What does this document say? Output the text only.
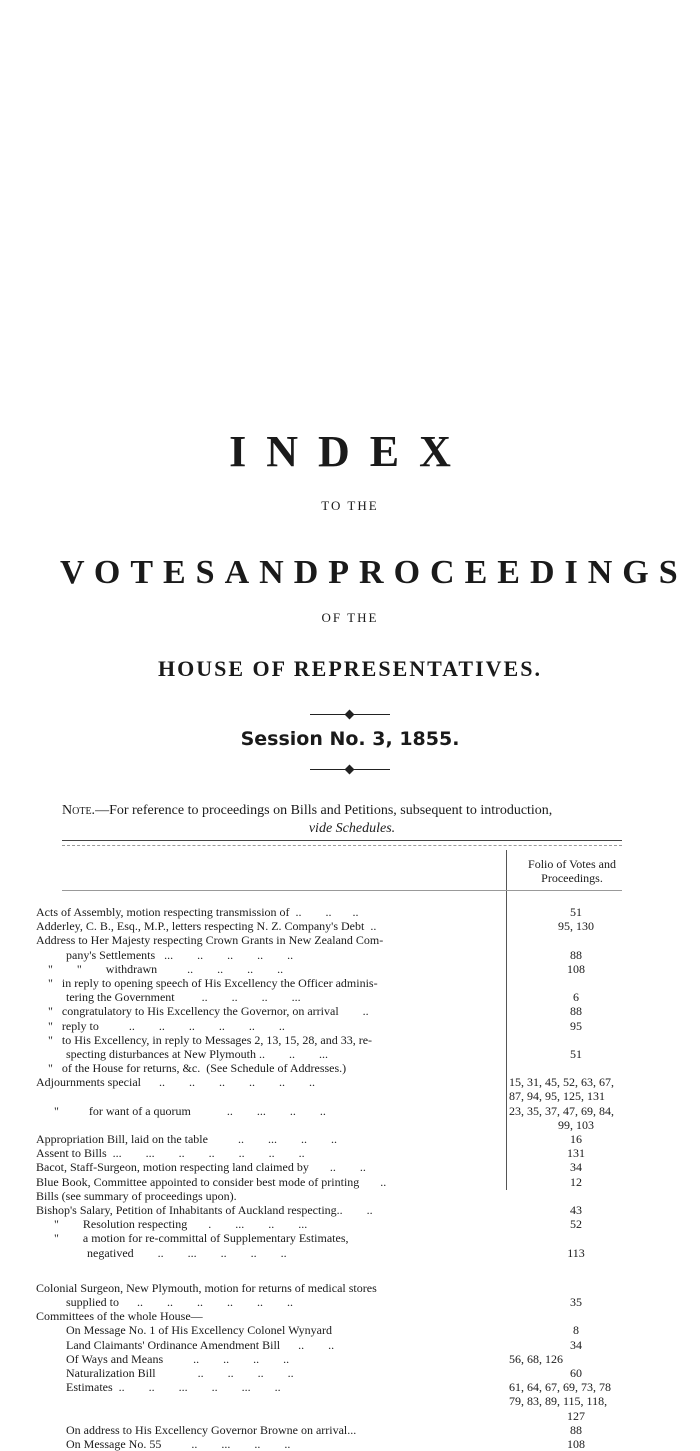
INDEX
TO THE
VOTES AND PROCEEDINGS
OF THE
HOUSE OF REPRESENTATIVES.
Session No. 3, 1855.
Note.—For reference to proceedings on Bills and Petitions, subsequent to introduction,
vide Schedules.
Folio of Votes and
Proceedings.
Acts of Assembly, motion respecting transmission of  ..        ..       ..	51
Adderley, C. B., Esq., M.P., letters respecting N. Z. Company's Debt  ..	95, 130
Address to Her Majesty respecting Crown Grants in New Zealand Com-
pany's Settlements   ...        ..        ..        ..        ..	88
"        "        withdrawn          ..        ..        ..        ..	108
"   in reply to opening speech of His Excellency the Officer adminis-
tering the Government         ..        ..        ..        ...	6
"   congratulatory to His Excellency the Governor, on arrival        ..	88
"   reply to          ..        ..        ..        ..        ..        ..	95
"   to His Excellency, in reply to Messages 2, 13, 15, 28, and 33, re-
specting disturbances at New Plymouth ..        ..        ...	51
"   of the House for returns, &c.  (See Schedule of Addresses.)
Adjournments special      ..        ..        ..        ..        ..        ..	15, 31, 45, 52, 63, 67,
87, 94, 95, 125, 131
"          for want of a quorum            ..        ...        ..        ..	23, 35, 37, 47, 69, 84,
99, 103
Appropriation Bill, laid on the table          ..        ...        ..        ..	16
Assent to Bills  ...        ...        ..        ..        ..        ..        ..	131
Bacot, Staff-Surgeon, motion respecting land claimed by       ..        ..	34
Blue Book, Committee appointed to consider best mode of printing       ..	12
Bills (see summary of proceedings upon).
Bishop's Salary, Petition of Inhabitants of Auckland respecting..        ..	43
"        Resolution respecting       .        ...        ..        ...	52
"        a motion for re-committal of Supplementary Estimates,
negatived        ..        ...        ..        ..        ..	113
Colonial Surgeon, New Plymouth, motion for returns of medical stores
supplied to      ..        ..        ..        ..        ..        ..	35
Committees of the whole House—
On Message No. 1 of His Excellency Colonel Wynyard	8
Land Claimants' Ordinance Amendment Bill      ..        ..	34
Of Ways and Means          ..        ..        ..        ..	56, 68, 126
Naturalization Bill              ..        ..        ..        ..	60
Estimates  ..        ..        ...        ..        ...        ..	61, 64, 67, 69, 73, 78
79, 83, 89, 115, 118,
127
On address to His Excellency Governor Browne on arrival...	88
On Message No. 55          ..        ...        ..        ..	108
